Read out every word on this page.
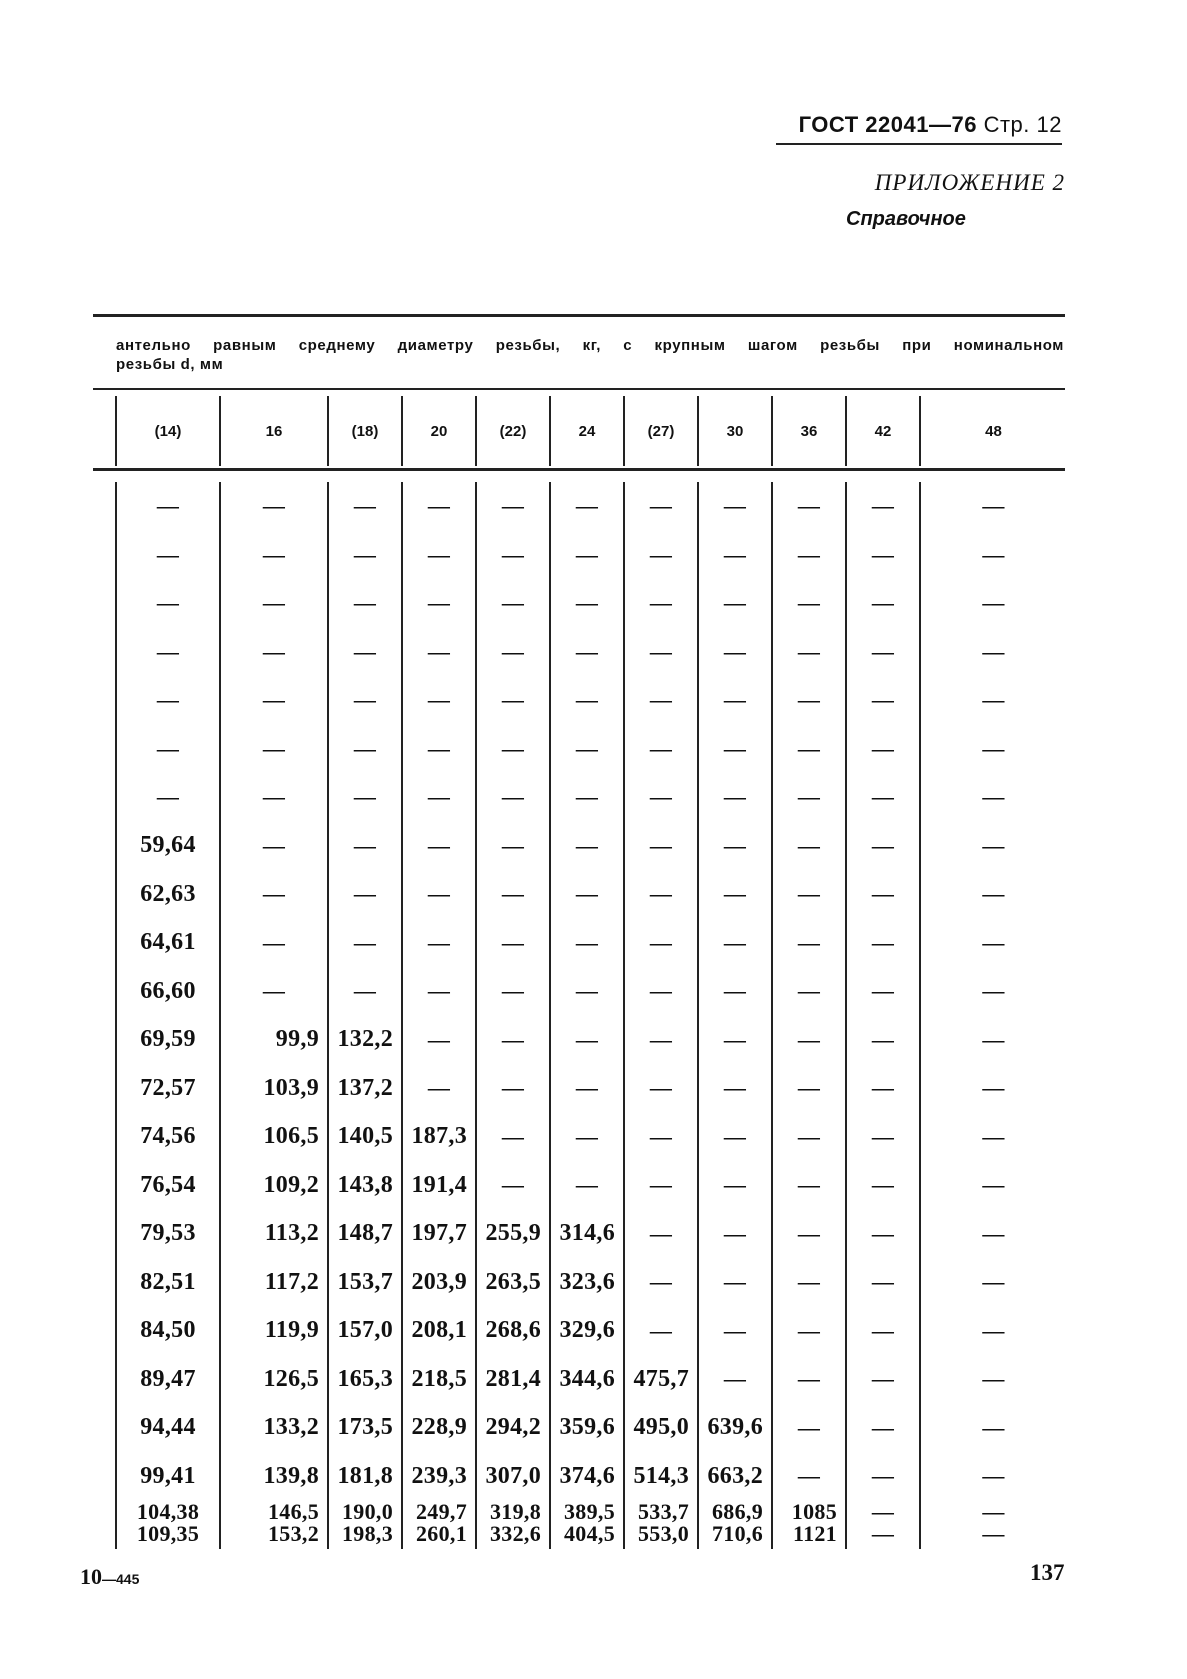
ГОСТ 22041—76 Стр. 12
ПРИЛОЖЕНИЕ 2
Справочное
антельно равным среднему диаметру резьбы, кг, с крупным шагом резьбы при номинальном
резьбы d, мм
(14)	16	(18)	20	(22)	24	(27)	30	36	42	48
—	—	—	—	—	—	—	—	—	—	—
—	—	—	—	—	—	—	—	—	—	—
—	—	—	—	—	—	—	—	—	—	—
—	—	—	—	—	—	—	—	—	—	—
—	—	—	—	—	—	—	—	—	—	—
—	—	—	—	—	—	—	—	—	—	—
—	—	—	—	—	—	—	—	—	—	—
59,64	—	—	—	—	—	—	—	—	—	—
62,63	—	—	—	—	—	—	—	—	—	—
64,61	—	—	—	—	—	—	—	—	—	—
66,60	—	—	—	—	—	—	—	—	—	—
69,59	99,9	132,2	—	—	—	—	—	—	—	—
72,57	103,9	137,2	—	—	—	—	—	—	—	—
74,56	106,5	140,5	187,3	—	—	—	—	—	—	—
76,54	109,2	143,8	191,4	—	—	—	—	—	—	—
79,53	113,2	148,7	197,7	255,9	314,6	—	—	—	—	—
82,51	117,2	153,7	203,9	263,5	323,6	—	—	—	—	—
84,50	119,9	157,0	208,1	268,6	329,6	—	—	—	—	—
89,47	126,5	165,3	218,5	281,4	344,6	475,7	—	—	—	—
94,44	133,2	173,5	228,9	294,2	359,6	495,0	639,6	—	—	—
99,41	139,8	181,8	239,3	307,0	374,6	514,3	663,2	—	—	—
104,38	146,5	190,0	249,7	319,8	389,5	533,7	686,9	1085	—	—
109,35	153,2	198,3	260,1	332,6	404,5	553,0	710,6	1121	—	—
10—445	137
